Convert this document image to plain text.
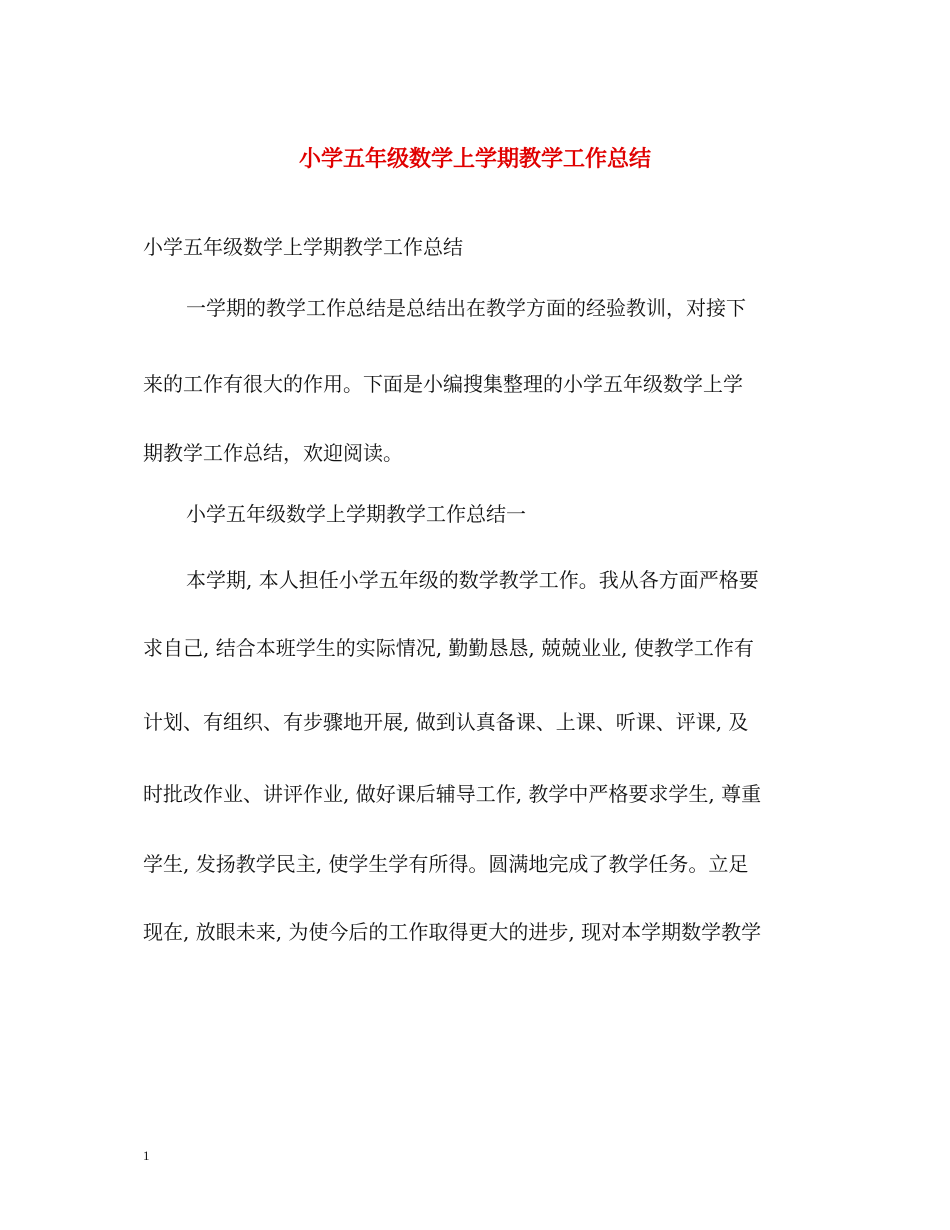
小学五年级数学上学期教学工作总结
小学五年级数学上学期教学工作总结
一学期的教学工作总结是总结出在教学方面的经验教训，对接下
来的工作有很大的作用。下面是小编搜集整理的小学五年级数学上学
期教学工作总结，欢迎阅读。
小学五年级数学上学期教学工作总结一
本学期, 本人担任小学五年级的数学教学工作。我从各方面严格要
求自己, 结合本班学生的实际情况, 勤勤恳恳, 兢兢业业, 使教学工作有
计划、有组织、有步骤地开展, 做到认真备课、上课、听课、评课, 及
时批改作业、讲评作业, 做好课后辅导工作, 教学中严格要求学生, 尊重
学生, 发扬教学民主, 使学生学有所得。圆满地完成了教学任务。立足
现在, 放眼未来, 为使今后的工作取得更大的进步, 现对本学期数学教学
1
